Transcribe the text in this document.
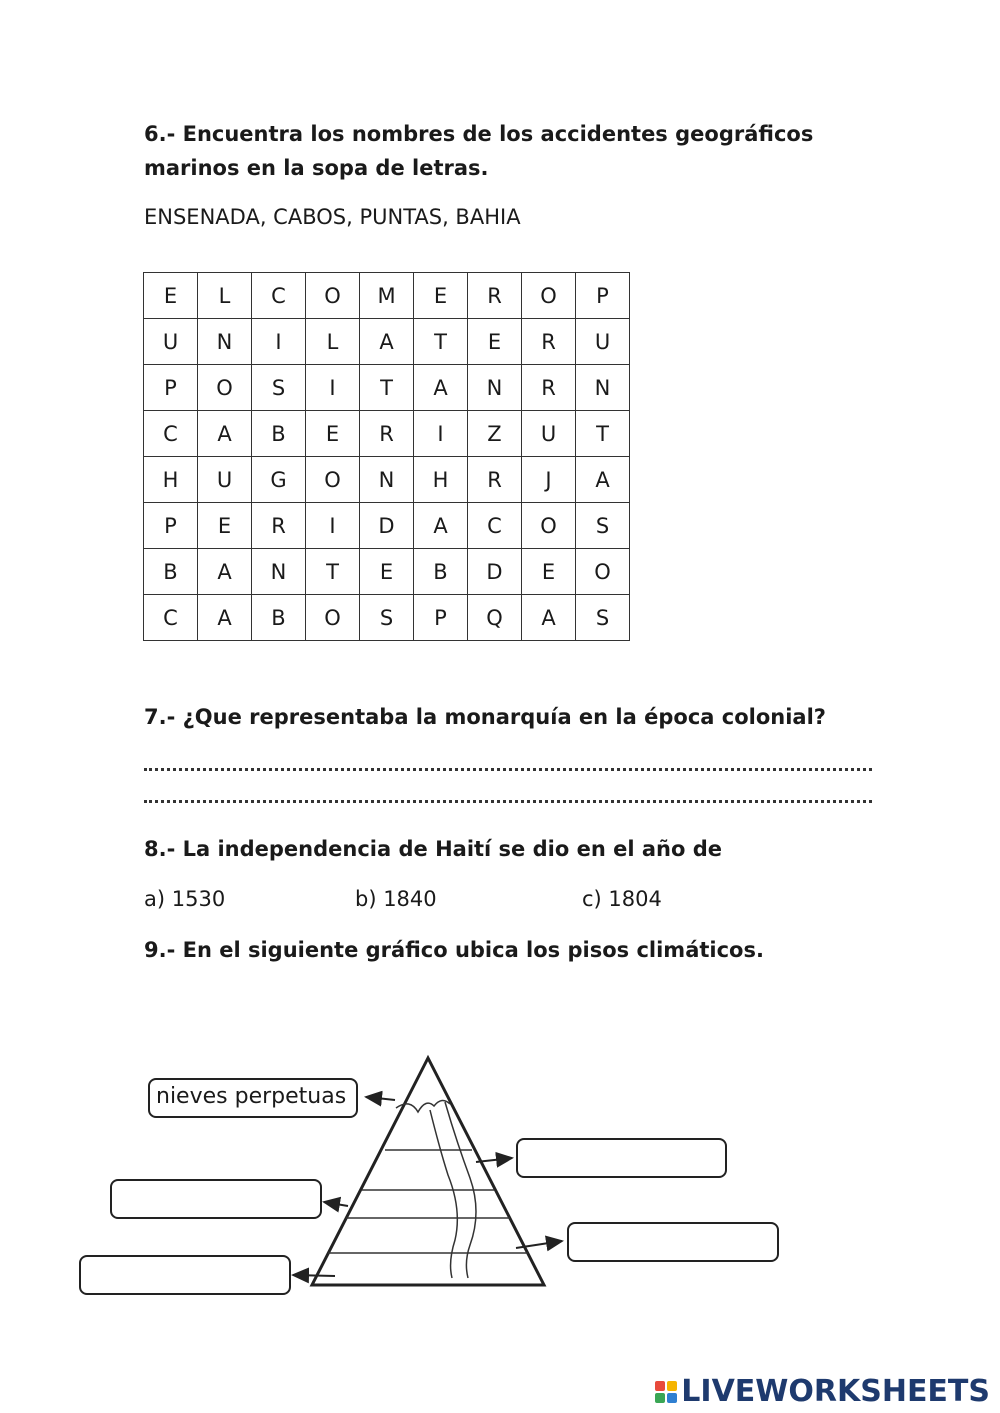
6.- Encuentra los nombres de los accidentes geográficos

marinos en la sopa de letras.

ENSENADA, CABOS, PUNTAS, BAHIA

E	L	C	O	M	E	R	O	P
U	N	I	L	A	T	E	R	U
P	O	S	I	T	A	N	R	N
C	A	B	E	R	I	Z	U	T
H	U	G	O	N	H	R	J	A
P	E	R	I	D	A	C	O	S
B	A	N	T	E	B	D	E	O
C	A	B	O	S	P	Q	A	S

7.- ¿Que representaba la monarquía en la época colonial?

8.- La independencia de Haití se dio en el año de

a) 1530	b) 1840	c) 1804

9.- En el siguiente gráfico ubica los pisos climáticos.

nieves perpetuas
LIVEWORKSHEETS
